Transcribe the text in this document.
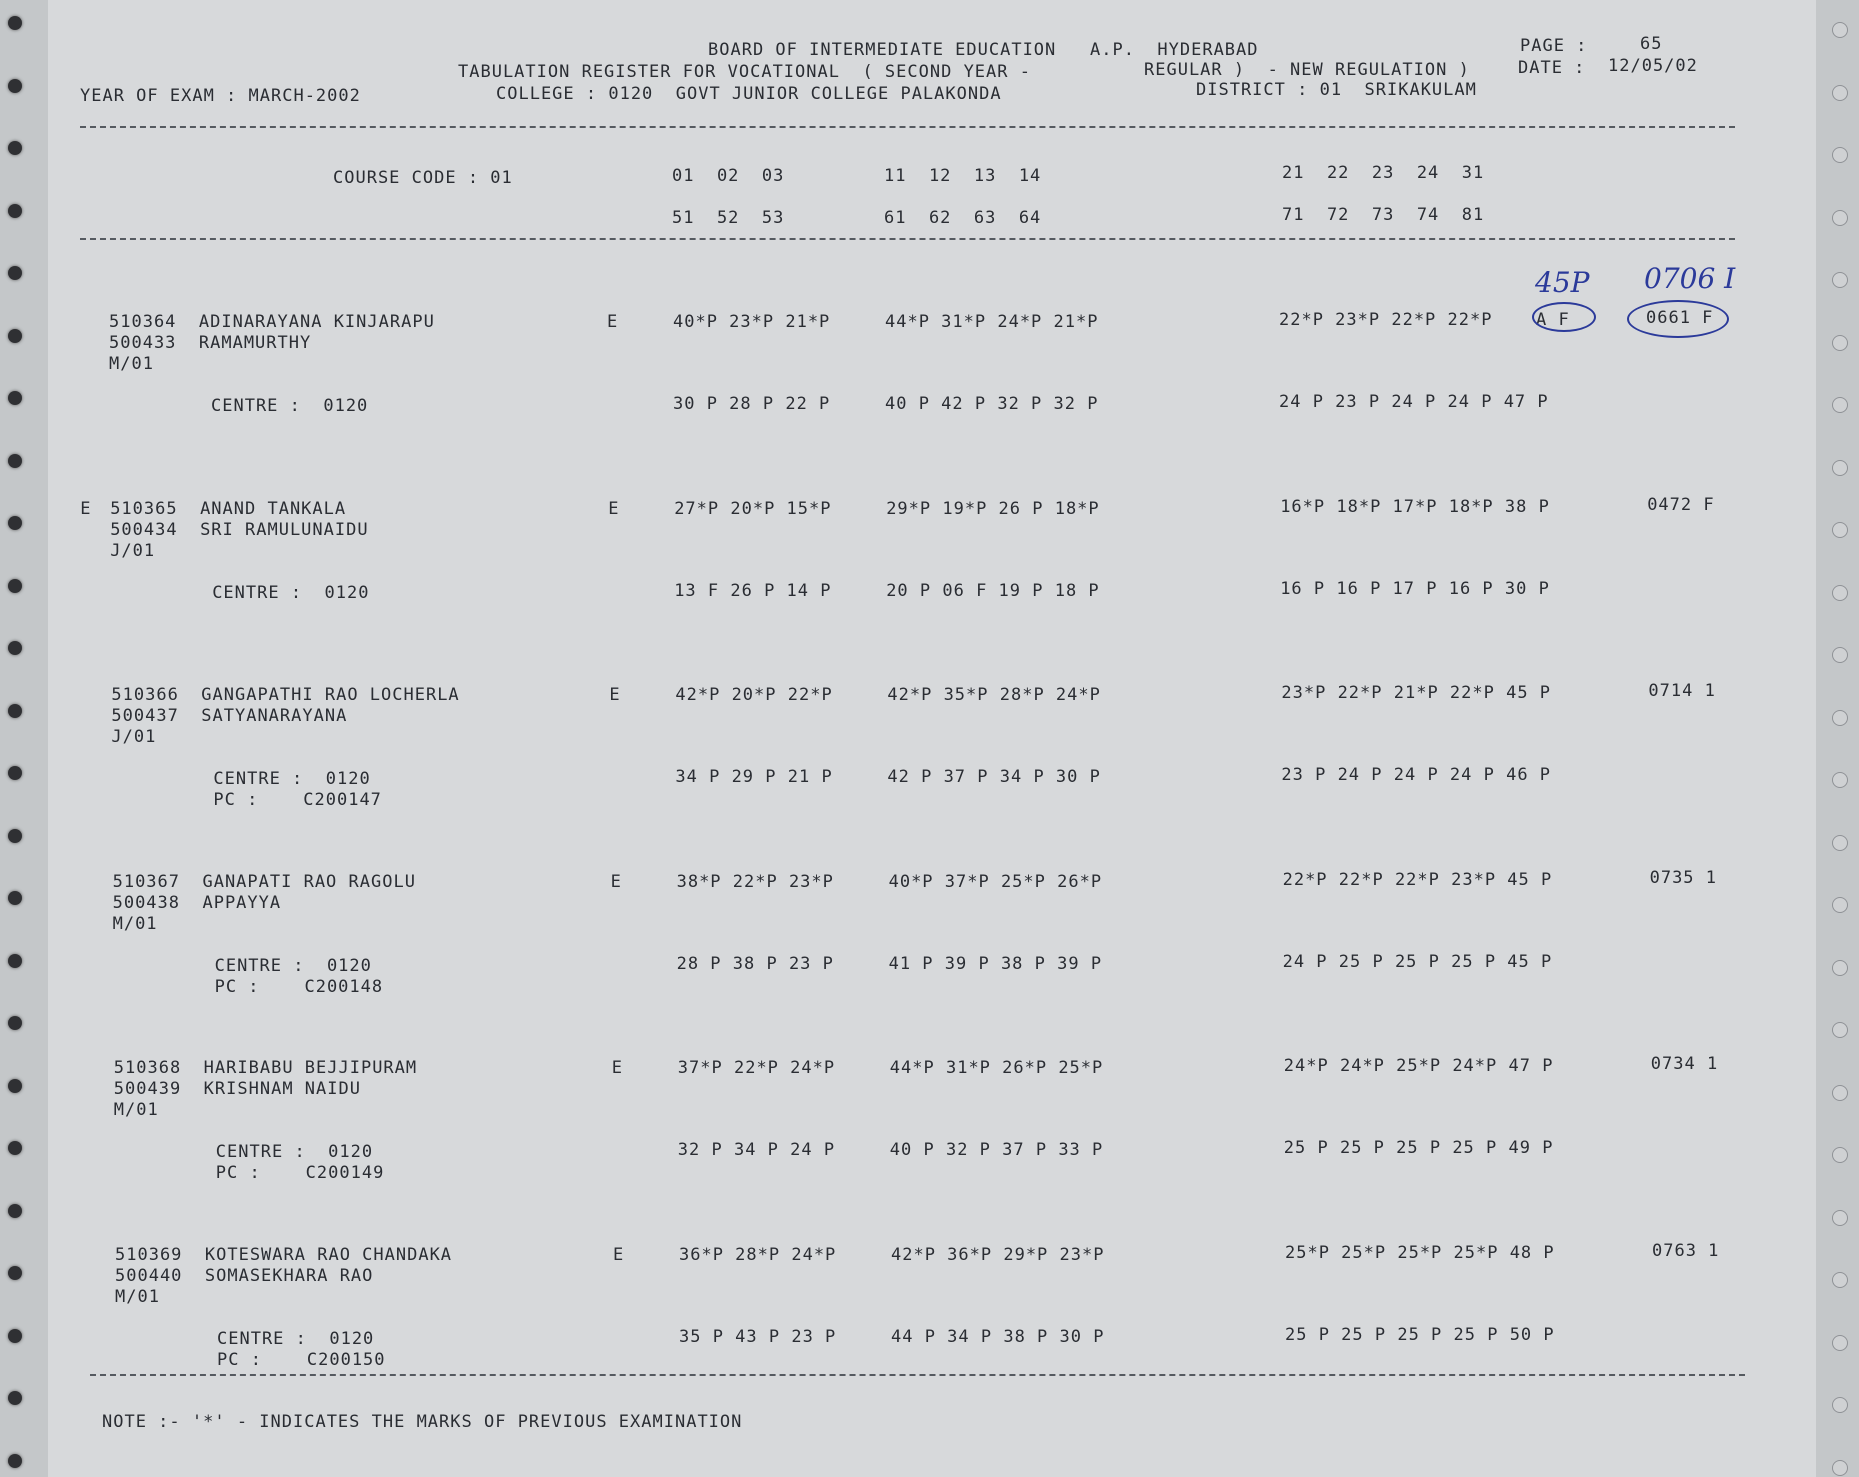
BOARD OF INTERMEDIATE EDUCATION   A.P.  HYDERABAD	PAGE :	65
TABULATION REGISTER FOR VOCATIONAL  ( SECOND YEAR -	REGULAR )  - NEW REGULATION )	DATE : 12/05/02
YEAR OF EXAM : MARCH-2002	COLLEGE : 0120  GOVT JUNIOR COLLEGE PALAKONDA	DISTRICT : 01  SRIKAKULAM
COURSE CODE : 01	01  02  03	11  12  13  14	21  22  23  24  31
51  52  53	61  62  63  64	71  72  73  74  81
510364  ADINARAYANA KINJARAPU
500433  RAMAMURTHY
M/01
E	40*P 23*P 21*P	44*P 31*P 24*P 21*P	22*P 23*P 22*P 22*P	A F	0661 F
CENTRE :  0120	30 P 28 P 22 P	40 P 42 P 32 P 32 P	24 P 23 P 24 P 24 P 47 P
E 510365  ANAND TANKALA
500434  SRI RAMULUNAIDU
J/01
E	27*P 20*P 15*P	29*P 19*P 26 P 18*P	16*P 18*P 17*P 18*P 38 P	0472 F
CENTRE :  0120	13 F 26 P 14 P	20 P 06 F 19 P 18 P	16 P 16 P 17 P 16 P 30 P
510366  GANGAPATHI RAO LOCHERLA
500437  SATYANARAYANA
J/01
E	42*P 20*P 22*P	42*P 35*P 28*P 24*P	23*P 22*P 21*P 22*P 45 P	0714 1
CENTRE :  0120
PC :    C200147
34 P 29 P 21 P	42 P 37 P 34 P 30 P	23 P 24 P 24 P 24 P 46 P
510367  GANAPATI RAO RAGOLU
500438  APPAYYA
M/01
E	38*P 22*P 23*P	40*P 37*P 25*P 26*P	22*P 22*P 22*P 23*P 45 P	0735 1
CENTRE :  0120
PC :    C200148
28 P 38 P 23 P	41 P 39 P 38 P 39 P	24 P 25 P 25 P 25 P 45 P
510368  HARIBABU BEJJIPURAM
500439  KRISHNAM NAIDU
M/01
E	37*P 22*P 24*P	44*P 31*P 26*P 25*P	24*P 24*P 25*P 24*P 47 P	0734 1
CENTRE :  0120
PC :    C200149
32 P 34 P 24 P	40 P 32 P 37 P 33 P	25 P 25 P 25 P 25 P 49 P
510369  KOTESWARA RAO CHANDAKA
500440  SOMASEKHARA RAO
M/01
E	36*P 28*P 24*P	42*P 36*P 29*P 23*P	25*P 25*P 25*P 25*P 48 P	0763 1
CENTRE :  0120
PC :    C200150
35 P 43 P 23 P	44 P 34 P 38 P 30 P	25 P 25 P 25 P 25 P 50 P
45P 0706 I
NOTE :- '*' - INDICATES THE MARKS OF PREVIOUS EXAMINATION
